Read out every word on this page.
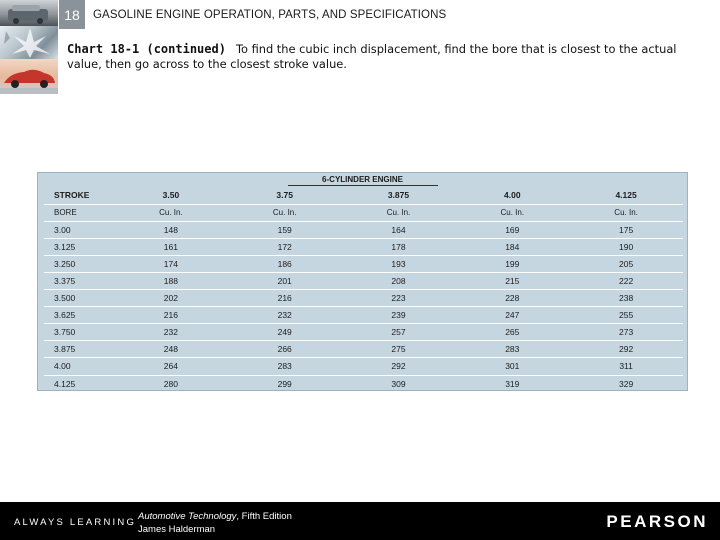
18	GASOLINE ENGINE OPERATION, PARTS, AND SPECIFICATIONS
Chart 18-1 (continued) To find the cubic inch displacement, find the bore that is closest to the actual value, then go across to the closest stroke value.
6-CYLINDER ENGINE
STROKE	3.50	3.75	3.875	4.00	4.125
BORE	Cu. In.	Cu. In.	Cu. In.	Cu. In.	Cu. In.
3.00	148	159	164	169	175
3.125	161	172	178	184	190
3.250	174	186	193	199	205
3.375	188	201	208	215	222
3.500	202	216	223	228	238
3.625	216	232	239	247	255
3.750	232	249	257	265	273
3.875	248	266	275	283	292
4.00	264	283	292	301	311
4.125	280	299	309	319	329
ALWAYS LEARNING
Automotive Technology, Fifth Edition
James Halderman	PEARSON
